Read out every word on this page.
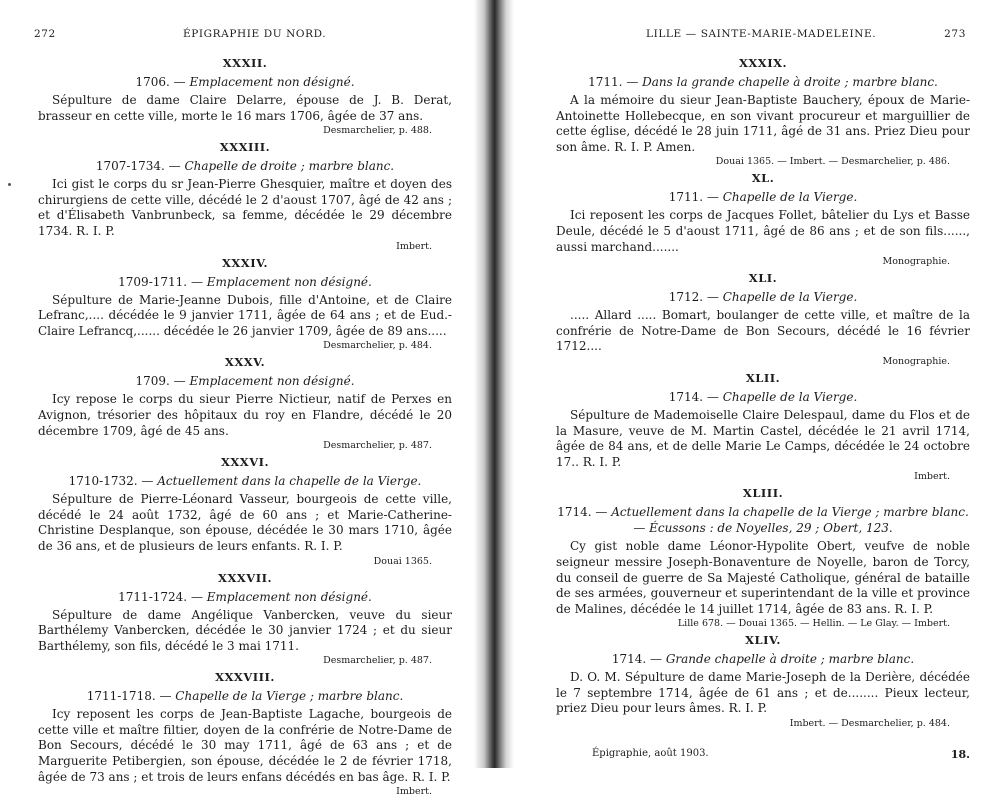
272	ÉPIGRAPHIE DU NORD.

XXXII.

1706. — Emplacement non désigné.

Sépulture de dame Claire Delarre, épouse de J. B. Derat, brasseur en cette ville, morte le 16 mars 1706, âgée de 37 ans.

Desmarchelier, p. 488.

XXXIII.

1707-1734. — Chapelle de droite ; marbre blanc.

Ici gist le corps du sr Jean-Pierre Ghesquier, maître et doyen des chirurgiens de cette ville, décédé le 2 d'aoust 1707, âgé de 42 ans ; et d'Élisabeth Vanbrunbeck, sa femme, décédée le 29 décembre 1734. R. I. P.

Imbert.

XXXIV.

1709-1711. — Emplacement non désigné.

Sépulture de Marie-Jeanne Dubois, fille d'Antoine, et de Claire Lefranc,.... décédée le 9 janvier 1711, âgée de 64 ans ; et de Eud.-Claire Lefrancq,...... décédée le 26 janvier 1709, âgée de 89 ans.....

Desmarchelier, p. 484.

XXXV.

1709. — Emplacement non désigné.

Icy repose le corps du sieur Pierre Nictieur, natif de Perxes en Avignon, trésorier des hôpitaux du roy en Flandre, décédé le 20 décembre 1709, âgé de 45 ans.

Desmarchelier, p. 487.

XXXVI.

1710-1732. — Actuellement dans la chapelle de la Vierge.

Sépulture de Pierre-Léonard Vasseur, bourgeois de cette ville, décédé le 24 août 1732, âgé de 60 ans ; et Marie-Catherine-Christine Desplanque, son épouse, décédée le 30 mars 1710, âgée de 36 ans, et de plusieurs de leurs enfants. R. I. P.

Douai 1365.

XXXVII.

1711-1724. — Emplacement non désigné.

Sépulture de dame Angélique Vanbercken, veuve du sieur Barthélemy Vanbercken, décédée le 30 janvier 1724 ; et du sieur Barthélemy, son fils, décédé le 3 mai 1711.

Desmarchelier, p. 487.

XXXVIII.

1711-1718. — Chapelle de la Vierge ; marbre blanc.

Icy reposent les corps de Jean-Baptiste Lagache, bourgeois de cette ville et maître filtier, doyen de la confrérie de Notre-Dame de Bon Secours, décédé le 30 may 1711, âgé de 63 ans ; et de Marguerite Petibergien, son épouse, décédée le 2 de février 1718, âgée de 73 ans ; et trois de leurs enfans décédés en bas âge. R. I. P.

Imbert.

LILLE — SAINTE-MARIE-MADELEINE.	273

XXXIX.

1711. — Dans la grande chapelle à droite ; marbre blanc.

A la mémoire du sieur Jean-Baptiste Bauchery, époux de Marie-Antoinette Hollebecque, en son vivant procureur et marguillier de cette église, décédé le 28 juin 1711, âgé de 31 ans. Priez Dieu pour son âme. R. I. P. Amen.

Douai 1365. — Imbert. — Desmarchelier, p. 486.

XL.

1711. — Chapelle de la Vierge.

Ici reposent les corps de Jacques Follet, bâtelier du Lys et Basse Deule, décédé le 5 d'aoust 1711, âgé de 86 ans ; et de son fils......, aussi marchand.......

Monographie.

XLI.

1712. — Chapelle de la Vierge.

..... Allard ..... Bomart, boulanger de cette ville, et maître de la confrérie de Notre-Dame de Bon Secours, décédé le 16 février 1712....

Monographie.

XLII.

1714. — Chapelle de la Vierge.

Sépulture de Mademoiselle Claire Delespaul, dame du Flos et de la Masure, veuve de M. Martin Castel, décédée le 21 avril 1714, âgée de 84 ans, et de delle Marie Le Camps, décédée le 24 octobre 17.. R. I. P.

Imbert.

XLIII.

1714. — Actuellement dans la chapelle de la Vierge ; marbre blanc. — Écussons : de Noyelles, 29 ; Obert, 123.

Cy gist noble dame Léonor-Hypolite Obert, veufve de noble seigneur messire Joseph-Bonaventure de Noyelle, baron de Torcy, du conseil de guerre de Sa Majesté Catholique, général de bataille de ses armées, gouverneur et superintendant de la ville et province de Malines, décédée le 14 juillet 1714, âgée de 83 ans. R. I. P.

Lille 678. — Douai 1365. — Hellin. — Le Glay. — Imbert.

XLIV.

1714. — Grande chapelle à droite ; marbre blanc.

D. O. M. Sépulture de dame Marie-Joseph de la Derière, décédée le 7 septembre 1714, âgée de 61 ans ; et de........ Pieux lecteur, priez Dieu pour leurs âmes. R. I. P.

Imbert. — Desmarchelier, p. 484.

Épigraphie, août 1903.	18.
